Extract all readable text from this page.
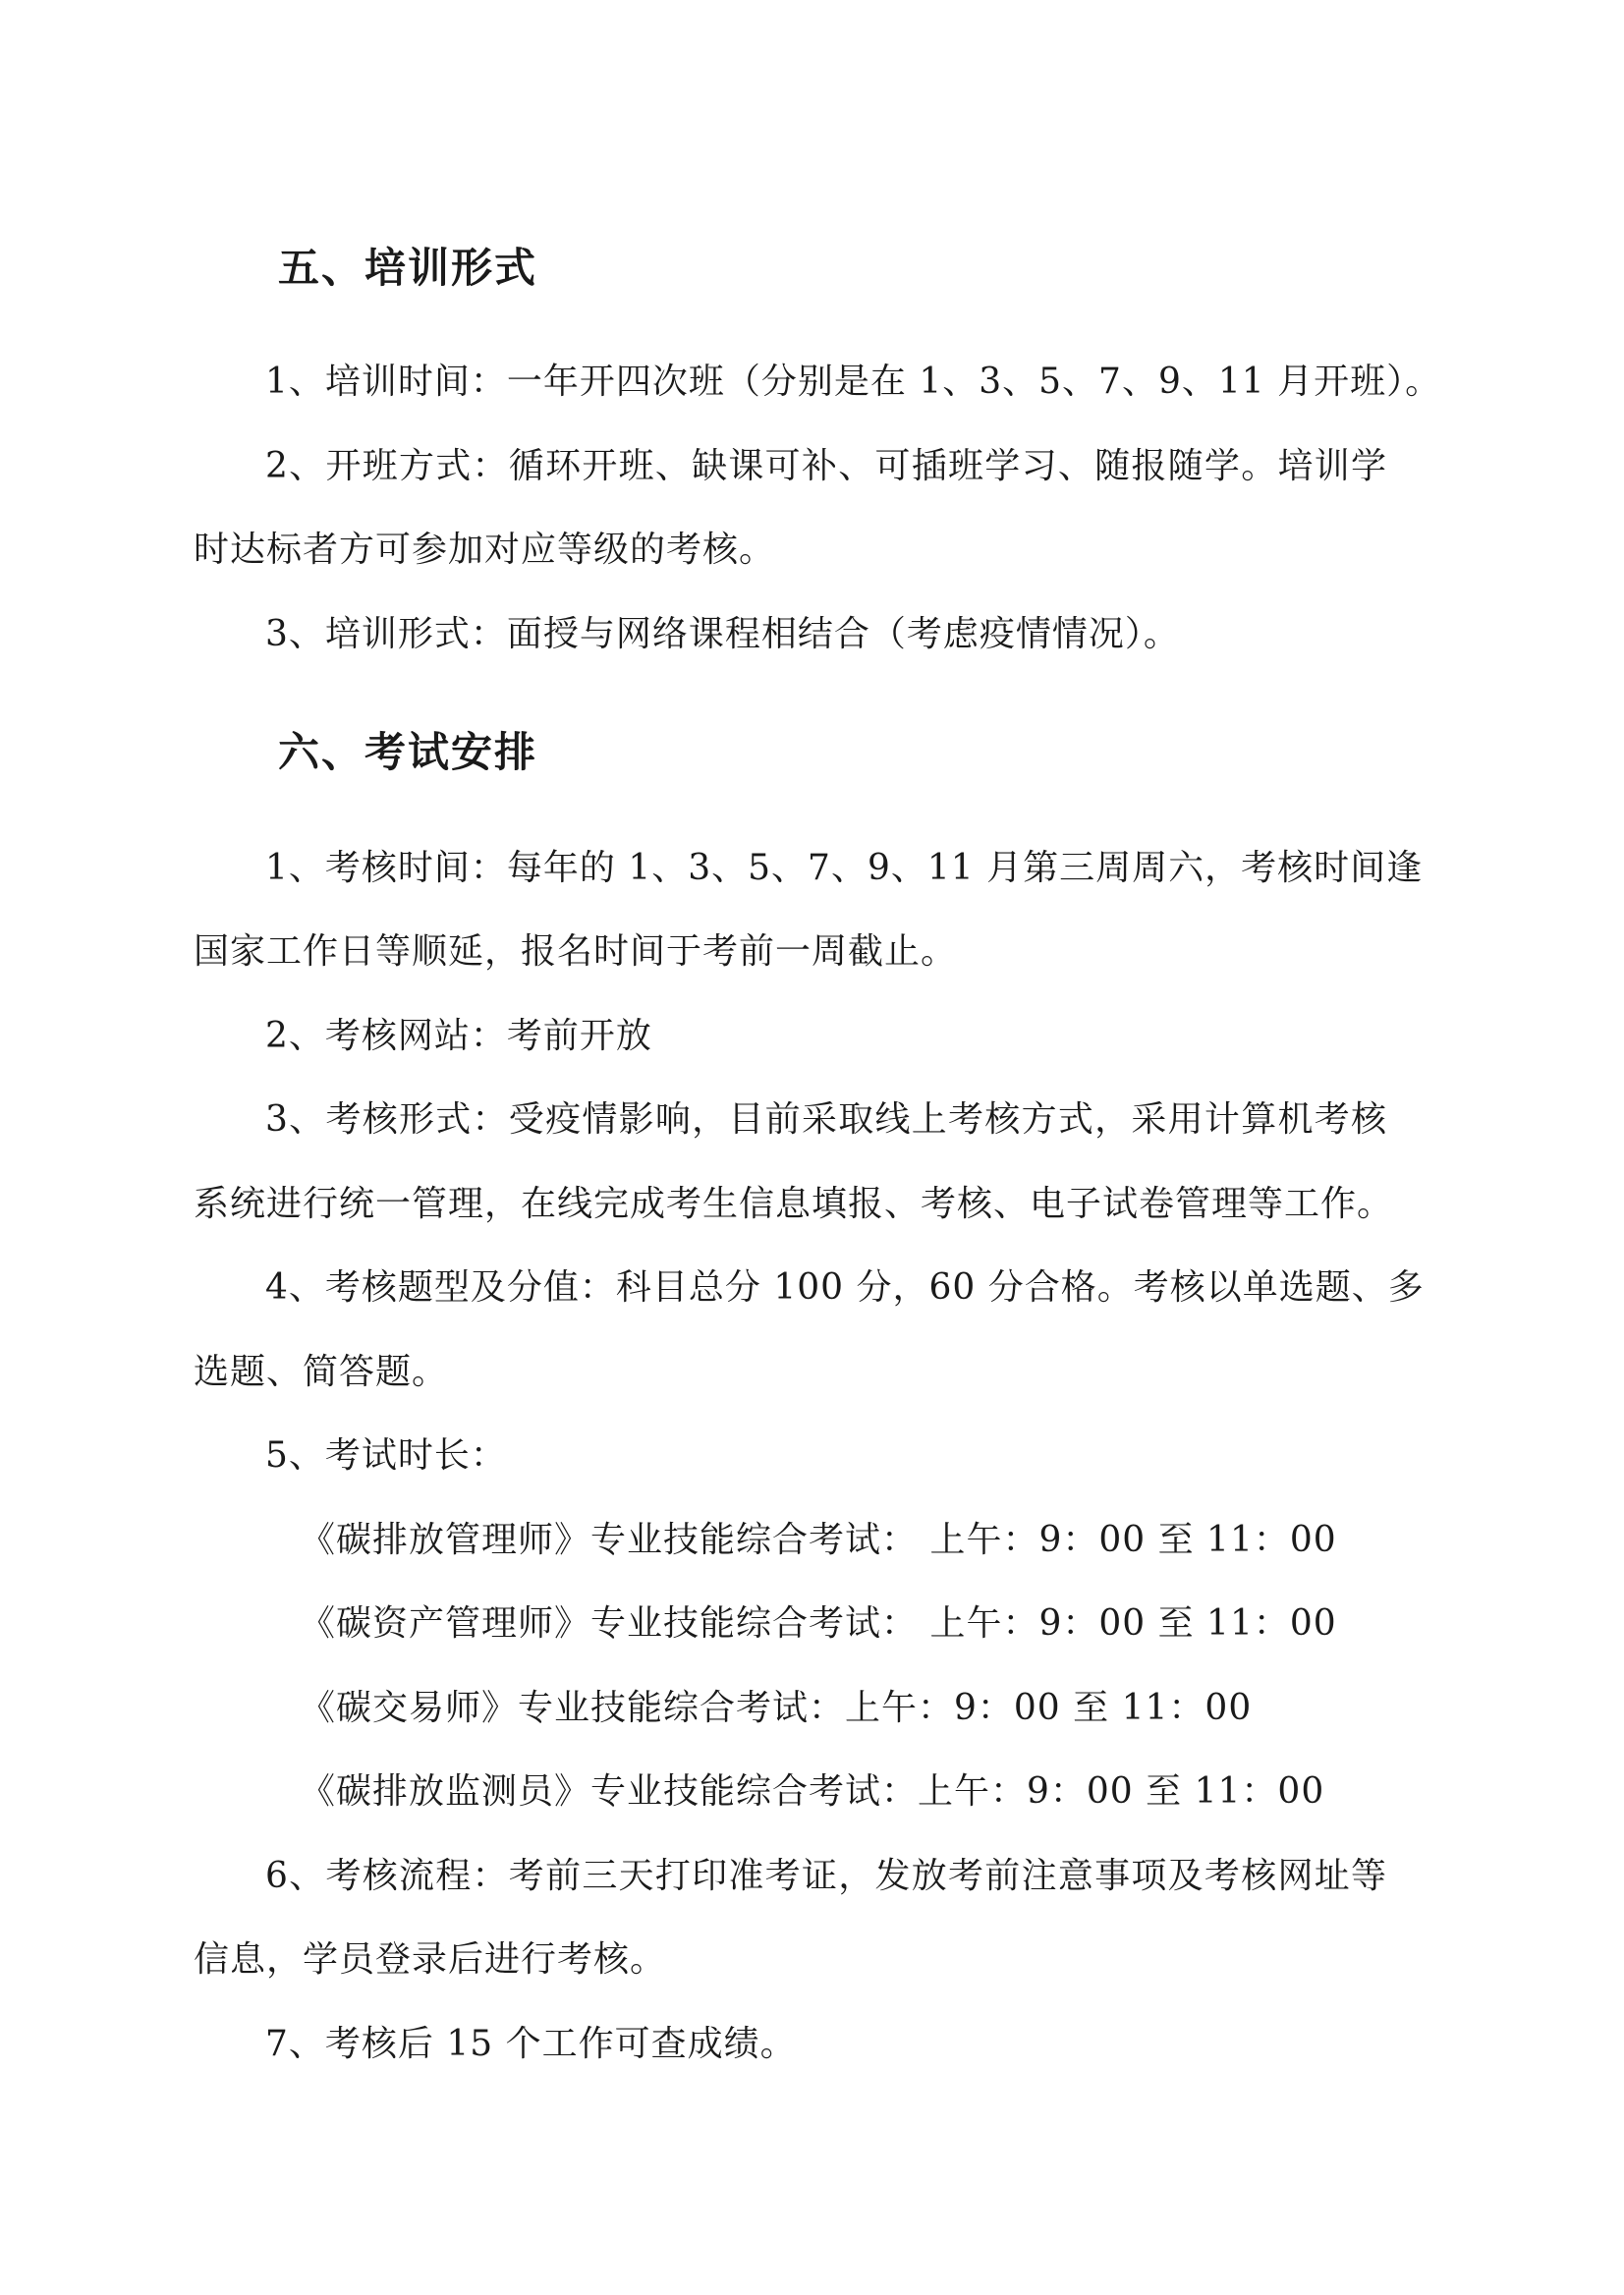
五、培训形式
1、培训时间：一年开四次班（分别是在 1、3、5、7、9、11 月开班）。
2、开班方式：循环开班、缺课可补、可插班学习、随报随学。培训学
时达标者方可参加对应等级的考核。
3、培训形式：面授与网络课程相结合（考虑疫情情况）。
六、考试安排
1、考核时间：每年的 1、3、5、7、9、11 月第三周周六，考核时间逢
国家工作日等顺延，报名时间于考前一周截止。
2、考核网站：考前开放
3、考核形式：受疫情影响，目前采取线上考核方式，采用计算机考核
系统进行统一管理，在线完成考生信息填报、考核、电子试卷管理等工作。
4、考核题型及分值：科目总分 100 分，60 分合格。考核以单选题、多
选题、简答题。
5、考试时长：
《碳排放管理师》专业技能综合考试： 上午：9：00 至 11：00
《碳资产管理师》专业技能综合考试： 上午：9：00 至 11：00
《碳交易师》专业技能综合考试：上午：9：00 至 11：00
《碳排放监测员》专业技能综合考试：上午：9：00 至 11：00
6、考核流程：考前三天打印准考证，发放考前注意事项及考核网址等
信息，学员登录后进行考核。
7、考核后 15 个工作可查成绩。
